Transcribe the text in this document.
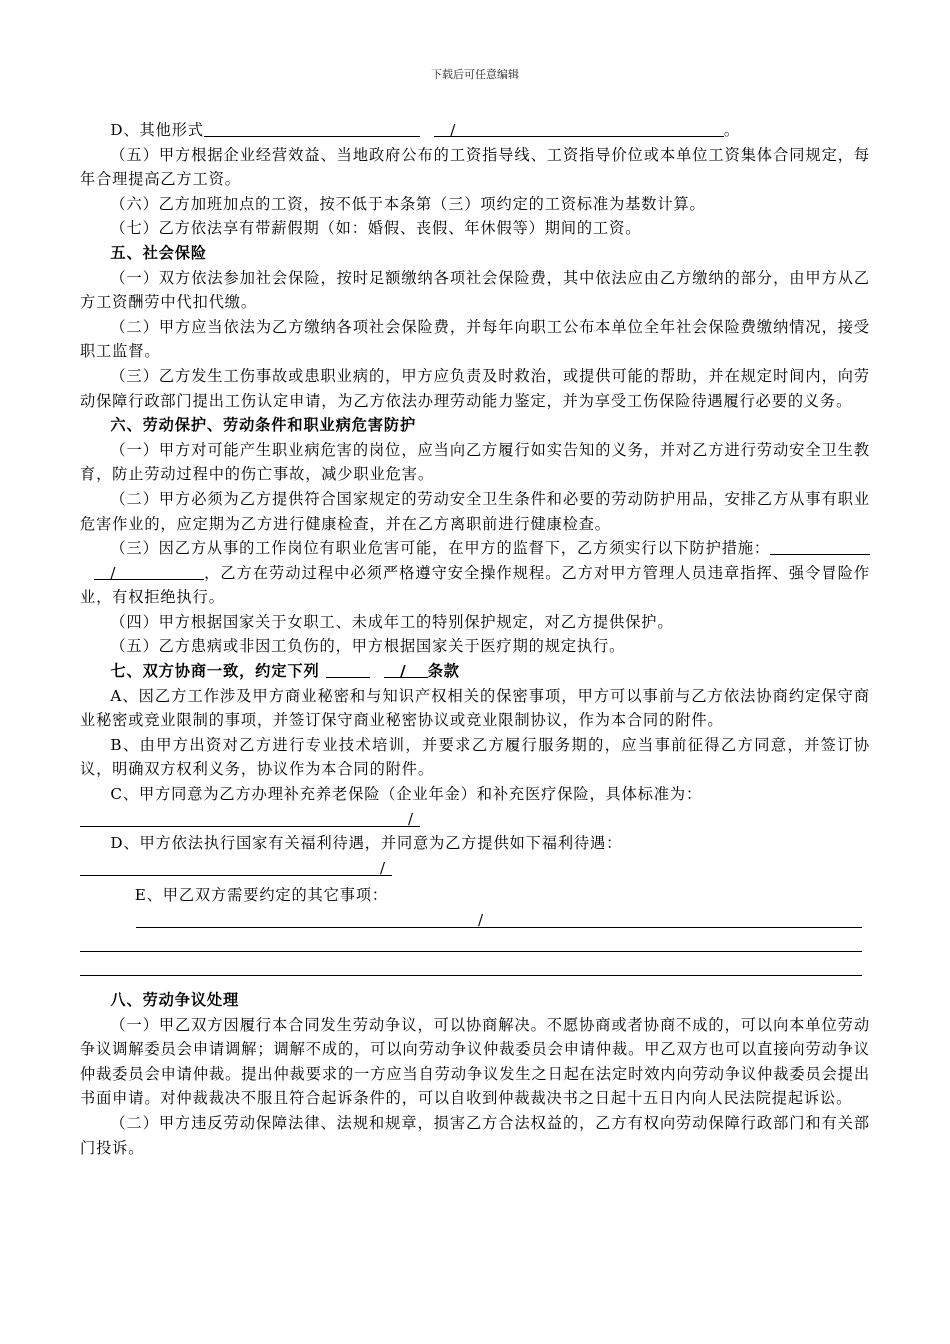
下载后可任意编辑

D、其他形式	/	。

（五）甲方根据企业经营效益、当地政府公布的工资指导线、工资指导价位或本单位工资集体合同规定，每年合理提高乙方工资。

（六）乙方加班加点的工资，按不低于本条第（三）项约定的工资标准为基数计算。

（七）乙方依法享有带薪假期（如：婚假、丧假、年休假等）期间的工资。

五、社会保险

（一）双方依法参加社会保险，按时足额缴纳各项社会保险费，其中依法应由乙方缴纳的部分，由甲方从乙方工资酬劳中代扣代缴。

（二）甲方应当依法为乙方缴纳各项社会保险费，并每年向职工公布本单位全年社会保险费缴纳情况，接受职工监督。

（三）乙方发生工伤事故或患职业病的，甲方应负责及时救治，或提供可能的帮助，并在规定时间内，向劳动保障行政部门提出工伤认定申请，为乙方依法办理劳动能力鉴定，并为享受工伤保险待遇履行必要的义务。

六、劳动保护、劳动条件和职业病危害防护

（一）甲方对可能产生职业病危害的岗位，应当向乙方履行如实告知的义务，并对乙方进行劳动安全卫生教育，防止劳动过程中的伤亡事故，减少职业危害。

（二）甲方必须为乙方提供符合国家规定的劳动安全卫生条件和必要的劳动防护用品，安排乙方从事有职业危害作业的，应定期为乙方进行健康检查，并在乙方离职前进行健康检查。

（三）因乙方从事的工作岗位有职业危害可能，在甲方的监督下，乙方须实行以下防护措施：/	，乙方在劳动过程中必须严格遵守安全操作规程。乙方对甲方管理人员违章指挥、强令冒险作业，有权拒绝执行。

（四）甲方根据国家关于女职工、未成年工的特别保护规定，对乙方提供保护。

（五）乙方患病或非因工负伤的，甲方根据国家关于医疗期的规定执行。

七、双方协商一致，约定下列	/ 条款

A、因乙方工作涉及甲方商业秘密和与知识产权相关的保密事项，甲方可以事前与乙方依法协商约定保守商业秘密或竞业限制的事项，并签订保守商业秘密协议或竞业限制协议，作为本合同的附件。

B、由甲方出资对乙方进行专业技术培训，并要求乙方履行服务期的，应当事前征得乙方同意，并签订协议，明确双方权利义务，协议作为本合同的附件。

C、甲方同意为乙方办理补充养老保险（企业年金）和补充医疗保险，具体标准为：

/

D、甲方依法执行国家有关福利待遇，并同意为乙方提供如下福利待遇：

/

E、甲乙双方需要约定的其它事项：

/

八、劳动争议处理

（一）甲乙双方因履行本合同发生劳动争议，可以协商解决。不愿协商或者协商不成的，可以向本单位劳动争议调解委员会申请调解；调解不成的，可以向劳动争议仲裁委员会申请仲裁。甲乙双方也可以直接向劳动争议仲裁委员会申请仲裁。提出仲裁要求的一方应当自劳动争议发生之日起在法定时效内向劳动争议仲裁委员会提出书面申请。对仲裁裁决不服且符合起诉条件的，可以自收到仲裁裁决书之日起十五日内向人民法院提起诉讼。

（二）甲方违反劳动保障法律、法规和规章，损害乙方合法权益的，乙方有权向劳动保障行政部门和有关部门投诉。
